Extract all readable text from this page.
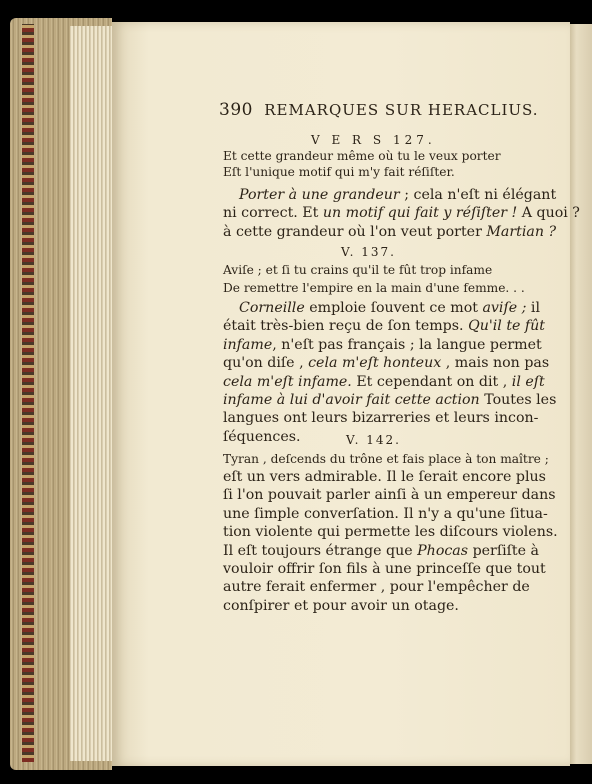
390 REMARQUES SUR HERACLIUS.
V E R S 127.
Et cette grandeur même où tu le veux porter
Eſt l'unique motif qui m'y fait réſiſter.
Porter à une grandeur ; cela n'eſt ni élégant
ni correct. Et un motif qui fait y réſiſter ! A quoi ?
à cette grandeur où l'on veut porter Martian ?
V. 137.
Aviſe ; et ſi tu crains qu'il te fût trop infame
De remettre l'empire en la main d'une femme. . .
Corneille emploie ſouvent ce mot aviſe ; il
était très-bien reçu de ſon temps. Qu'il te fût
infame, n'eſt pas français ; la langue permet
qu'on diſe , cela m'eſt honteux , mais non pas
cela m'eſt infame. Et cependant on dit , il eſt
infame à lui d'avoir fait cette action Toutes les
langues ont leurs bizarreries et leurs incon-
ſéquences.	V. 142.
Tyran , deſcends du trône et fais place à ton maître ;
eſt un vers admirable. Il le ſerait encore plus
ſi l'on pouvait parler ainſi à un empereur dans
une ſimple converſation. Il n'y a qu'une ſitua-
tion violente qui permette les diſcours violens.
Il eſt toujours étrange que Phocas perſiſte à
vouloir offrir ſon fils à une princeſſe que tout
autre ferait enfermer , pour l'empêcher de
conſpirer et pour avoir un otage.
